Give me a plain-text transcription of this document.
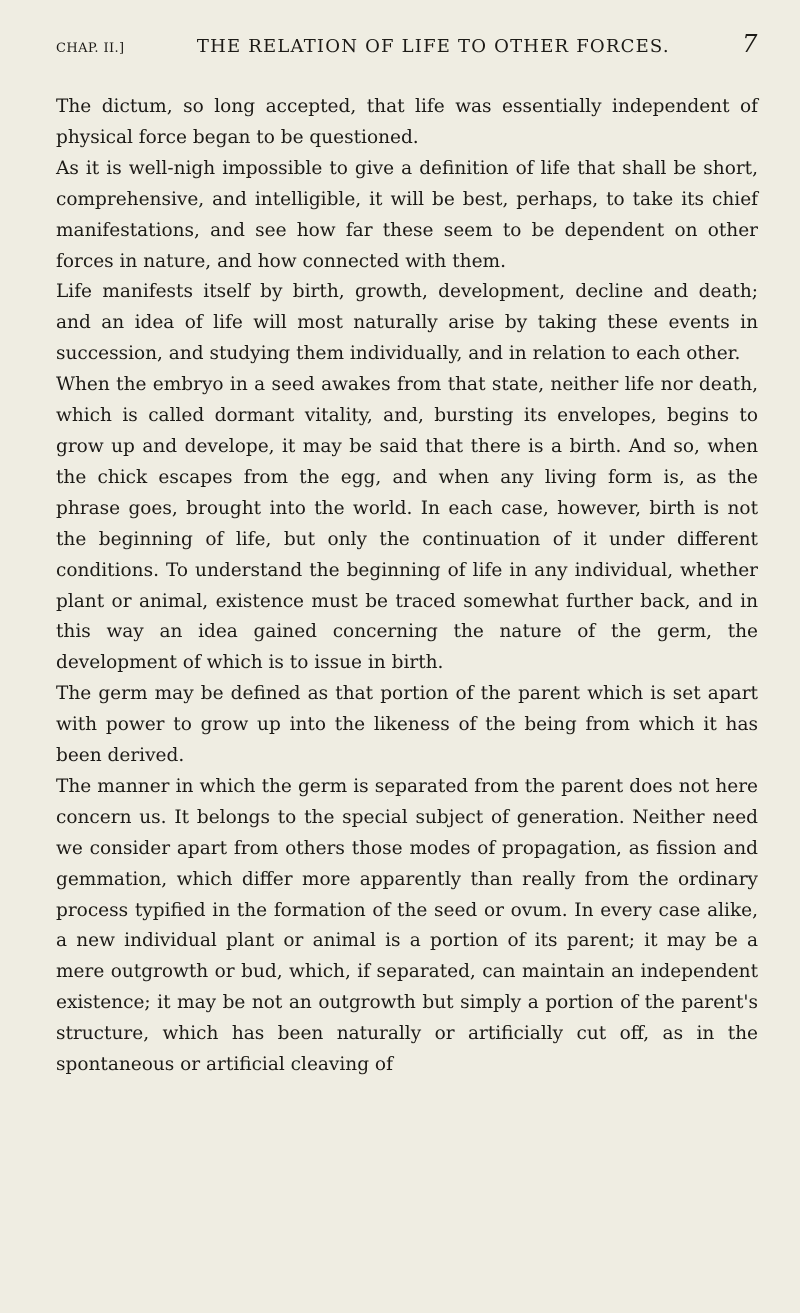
CHAP. II.]	THE RELATION OF LIFE TO OTHER FORCES.	7

The dictum, so long accepted, that life was essentially independent of physical force began to be questioned.

As it is well-nigh impossible to give a definition of life that shall be short, comprehensive, and intelligible, it will be best, perhaps, to take its chief manifestations, and see how far these seem to be dependent on other forces in nature, and how connected with them.

Life manifests itself by birth, growth, development, decline and death; and an idea of life will most naturally arise by taking these events in succession, and studying them individually, and in relation to each other.

When the embryo in a seed awakes from that state, neither life nor death, which is called dormant vitality, and, bursting its envelopes, begins to grow up and develope, it may be said that there is a birth. And so, when the chick escapes from the egg, and when any living form is, as the phrase goes, brought into the world. In each case, however, birth is not the beginning of life, but only the continuation of it under different conditions. To understand the beginning of life in any individual, whether plant or animal, existence must be traced somewhat further back, and in this way an idea gained concerning the nature of the germ, the development of which is to issue in birth.

The germ may be defined as that portion of the parent which is set apart with power to grow up into the likeness of the being from which it has been derived.

The manner in which the germ is separated from the parent does not here concern us. It belongs to the special subject of generation. Neither need we consider apart from others those modes of propagation, as fission and gemmation, which differ more apparently than really from the ordinary process typified in the formation of the seed or ovum. In every case alike, a new individual plant or animal is a portion of its parent; it may be a mere outgrowth or bud, which, if separated, can maintain an independent existence; it may be not an outgrowth but simply a portion of the parent's structure, which has been naturally or artificially cut off, as in the spontaneous or artificial cleaving of
